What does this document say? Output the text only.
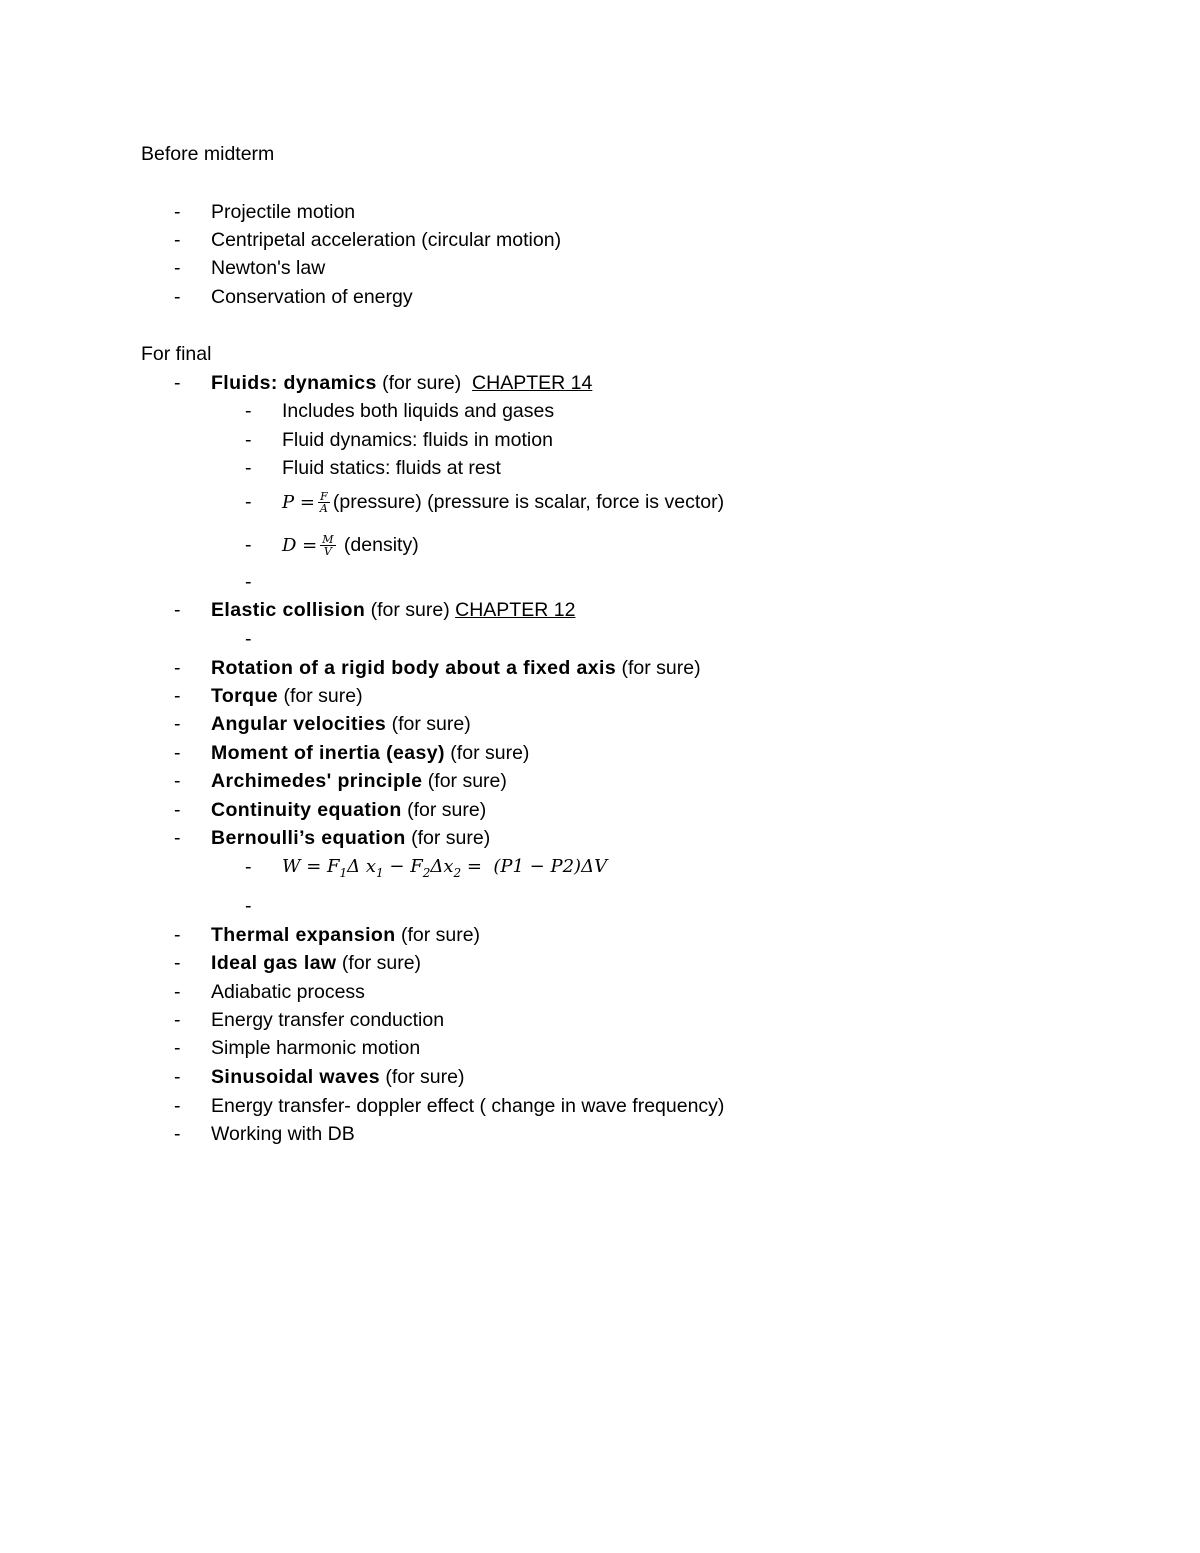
Before midterm
- Projectile motion
- Centripetal acceleration (circular motion)
- Newton's law
- Conservation of energy
For final
- Fluids: dynamics (for sure)  CHAPTER 14
- Includes both liquids and gases
- Fluid dynamics: fluids in motion
- Fluid statics: fluids at rest
- $P = \frac{F}{A}$ (pressure) (pressure is scalar, force is vector)
- $D = \frac{M}{V}$ (density)
-
- Elastic collision (for sure) CHAPTER 12
-
- Rotation of a rigid body about a fixed axis (for sure)
- Torque (for sure)
- Angular velocities (for sure)
- Moment of inertia (easy) (for sure)
- Archimedes' principle (for sure)
- Continuity equation (for sure)
- Bernoulli’s equation (for sure)
- $W = F_1\Delta$ $x_1 - F_2\Delta x_2 = (P1 - P2)\Delta V$
-
- Thermal expansion (for sure)
- Ideal gas law (for sure)
- Adiabatic process
- Energy transfer conduction
- Simple harmonic motion
- Sinusoidal waves (for sure)
- Energy transfer- doppler effect ( change in wave frequency)
- Working with DB
